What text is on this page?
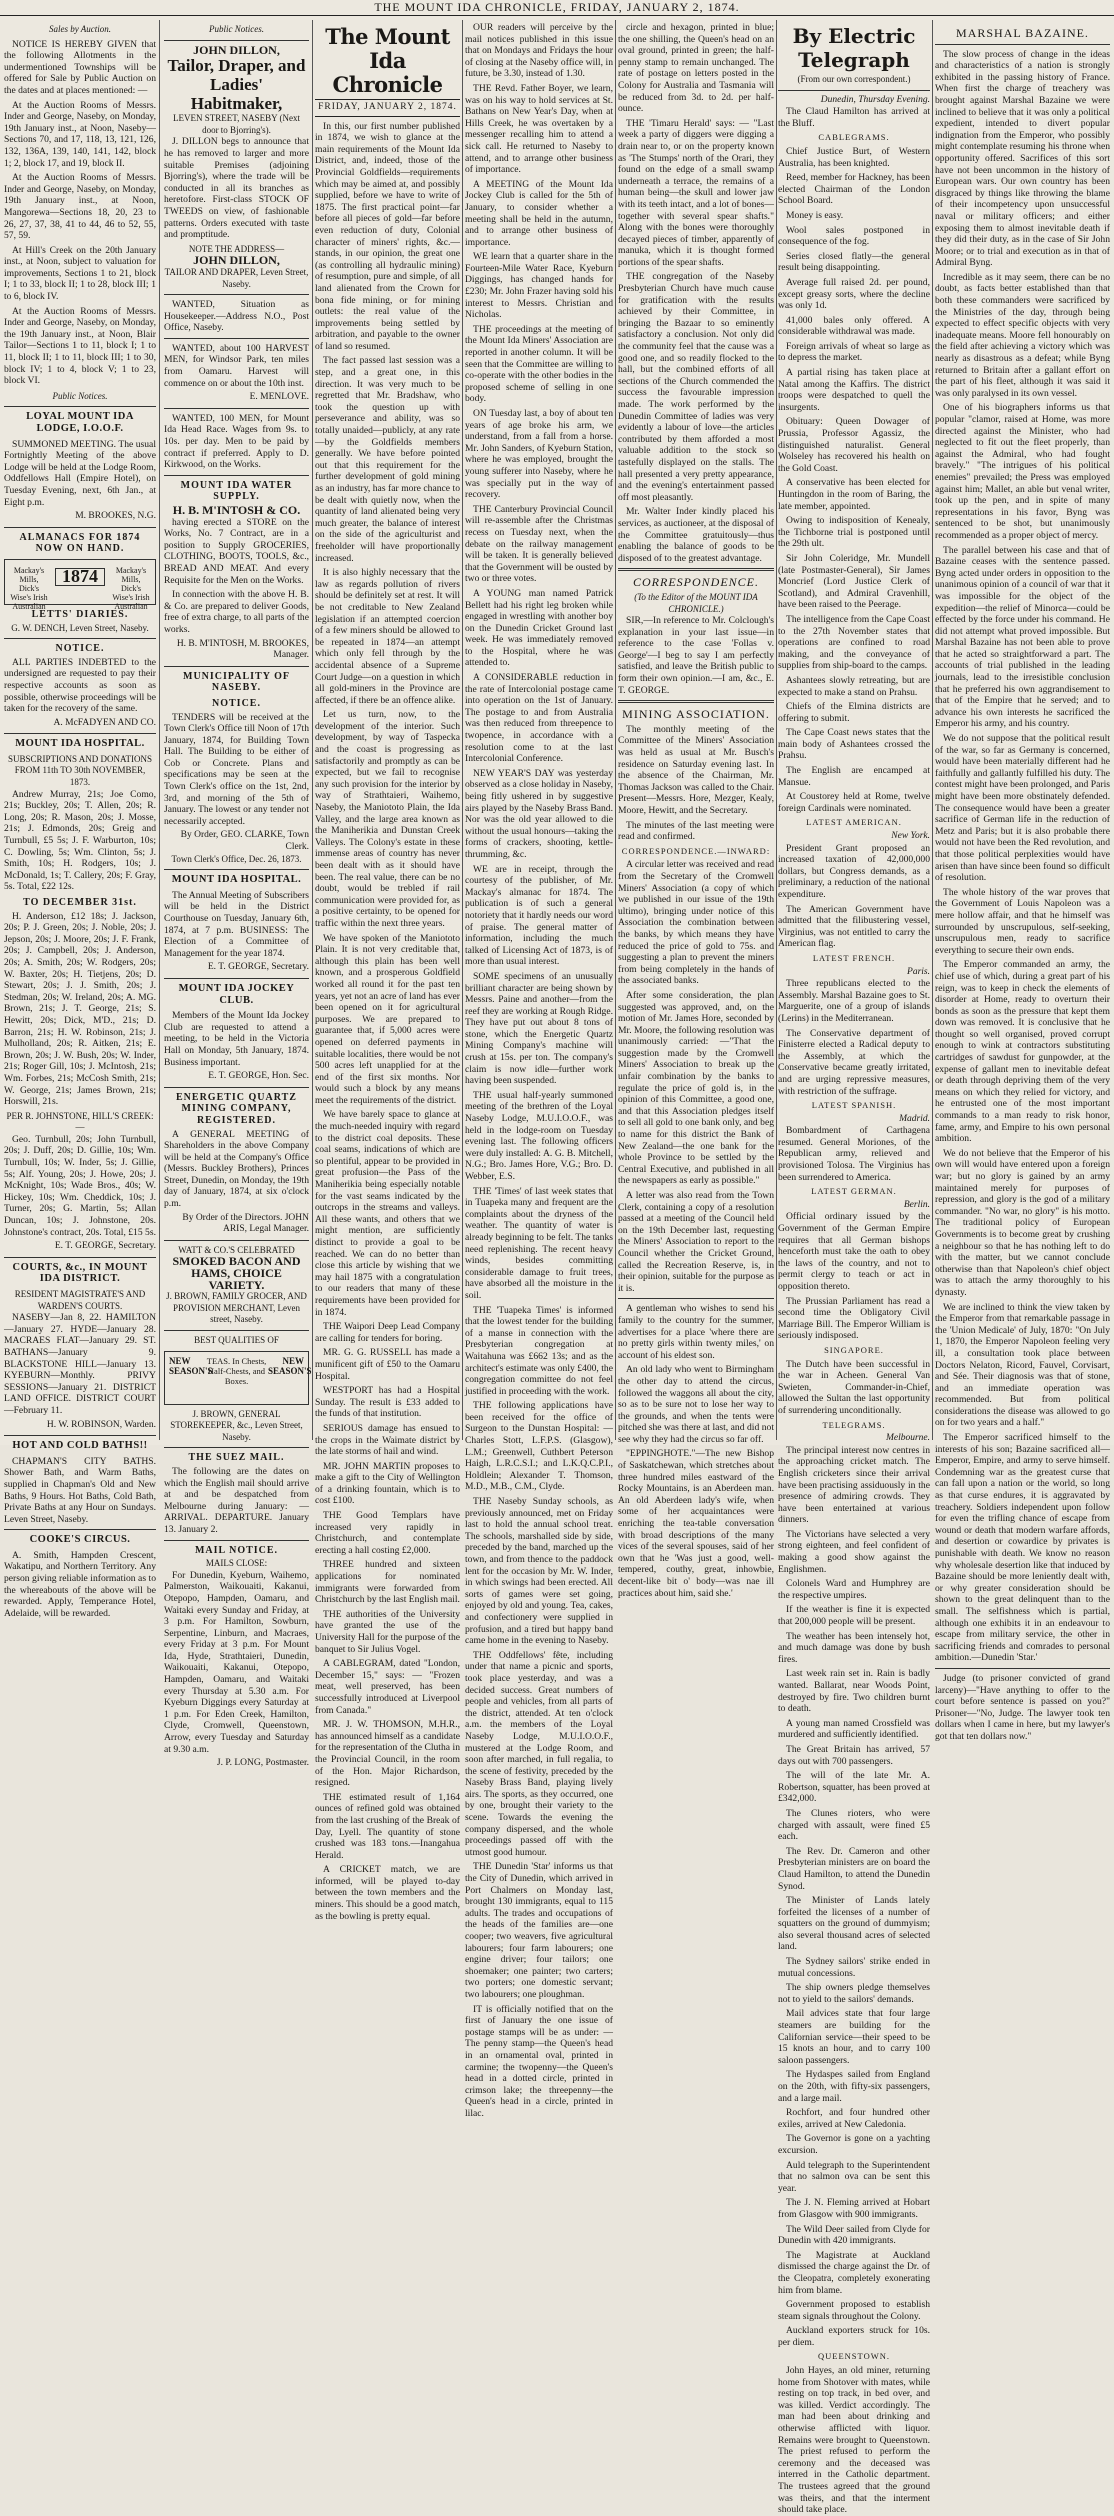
THE MOUNT IDA CHRONICLE, FRIDAY, JANUARY 2, 1874.
Sales by Auction.

NOTICE IS HEREBY GIVEN that the following Allotments in the undermentioned Townships will be offered for Sale by Public Auction on the dates and at places mentioned: —

At the Auction Rooms of Messrs. Inder and George, Naseby, on Monday, 19th January inst., at Noon, Naseby—Sections 70, and 17, 118, 13, 121, 126, 132, 136A, 139, 140, 141, 142, block 1; 2, block 17, and 19, block II.

At the Auction Rooms of Messrs. Inder and George, Naseby, on Monday, 19th January inst., at Noon, Mangorewa—Sections 18, 20, 23 to 26, 27, 37, 38, 41 to 44, 46 to 52, 55, 57, 59.

At Hill's Creek on the 20th January inst., at Noon, subject to valuation for improvements, Sections 1 to 21, block I; 1 to 33, block II; 1 to 28, block III; 1 to 6, block IV.

At the Auction Rooms of Messrs. Inder and George, Naseby, on Monday, the 19th January inst., at Noon, Blair Tailor—Sections 1 to 11, block I; 1 to 11, block II; 1 to 11, block III; 1 to 30, block IV; 1 to 4, block V; 1 to 23, block VI.

Public Notices.
LOYAL MOUNT IDA LODGE, I.O.O.F.

SUMMONED MEETING. The usual Fortnightly Meeting of the above Lodge will be held at the Lodge Room, Oddfellows Hall (Empire Hotel), on Tuesday Evening, next, 6th Jan., at Eight p.m.

M. BROOKES, N.G.
ALMANACS FOR 1874 NOW ON HAND.
Mackay's Mills, Dick's Wise's Irish Australian
1874	Mackay's Mills, Dick's Wise's Irish Australian
LETTS' DIARIES.
G. W. DENCH, Leven Street, Naseby.
NOTICE.

ALL PARTIES INDEBTED to the undersigned are requested to pay their respective accounts as soon as possible, otherwise proceedings will be taken for the recovery of the same.

A. McFADYEN AND CO.
MOUNT IDA HOSPITAL.
SUBSCRIPTIONS AND DONATIONS FROM 11th TO 30th NOVEMBER, 1873.

Andrew Murray, 21s; Joe Como, 21s; Buckley, 20s; T. Allen, 20s; R. Long, 20s; R. Mason, 20s; J. Mosse, 21s; J. Edmonds, 20s; Greig and Turnbull, £5 5s; J. F. Warburton, 10s; C. Dowling, 5s; Wm. Clinton, 5s; J. Smith, 10s; H. Rodgers, 10s; J. McDonald, 1s; T. Callery, 20s; F. Gray, 5s. Total, £22 12s.

TO DECEMBER 31st.

H. Anderson, £12 18s; J. Jackson, 20s; P. J. Green, 20s; J. Noble, 20s; J. Jepson, 20s; J. Moore, 20s; J. F. Frank, 20s; J. Campbell, 20s; J. Anderson, 20s; A. Smith, 20s; W. Rodgers, 20s; W. Baxter, 20s; H. Tietjens, 20s; D. Stewart, 20s; J. J. Smith, 20s; J. Stedman, 20s; W. Ireland, 20s; A. MG. Brown, 21s; J. T. George, 21s; S. Hewitt, 20s; Dick, M'D., 21s; D. Barron, 21s; H. W. Robinson, 21s; J. Mulholland, 20s; R. Aitken, 21s; E. Brown, 20s; J. W. Bush, 20s; W. Inder, 21s; Roger Gill, 10s; J. McIntosh, 21s; Wm. Forbes, 21s; McCosh Smith, 21s; W. George, 21s; James Brown, 21s; Horswill, 21s.

PER R. JOHNSTONE, HILL'S CREEK: —

Geo. Turnbull, 20s; John Turnbull, 20s; J. Duff, 20s; D. Gillie, 10s; Wm. Turnbull, 10s; W. Inder, 5s; J. Gillie, 5s; Alf. Young, 20s; J. Howe, 20s; J. McKnight, 10s; Wade Bros., 40s; W. Hickey, 10s; Wm. Cheddick, 10s; J. Turner, 20s; G. Martin, 5s; Allan Duncan, 10s; J. Johnstone, 20s. Johnstone's contract, 20s. Total, £15 5s.

E. T. GEORGE, Secretary.
COURTS, &c., IN MOUNT IDA DISTRICT.
RESIDENT MAGISTRATE'S AND WARDEN'S COURTS.

NASEBY—Jan 8, 22. HAMILTON—January 27. HYDE—January 28. MACRAES FLAT—January 29. ST. BATHANS—January 9. BLACKSTONE HILL—January 13. KYEBURN—Monthly. PRIVY SESSIONS—January 21. DISTRICT LAND OFFICE. DISTRICT COURT—February 11.

H. W. ROBINSON, Warden.
HOT AND COLD BATHS!!

CHAPMAN'S CITY BATHS. Shower Bath, and Warm Baths, supplied in Chapman's Old and New Baths, 9 Hours. Hot Baths, Cold Bath, Private Baths at any Hour on Sundays. Leven Street, Naseby.

COOKE'S CIRCUS.

A. Smith, Hampden Crescent, Wakatipu, and Northern Territory. Any person giving reliable information as to the whereabouts of the above will be rewarded. Apply, Temperance Hotel, Adelaide, will be rewarded.

Public Notices.
JOHN DILLON,
Tailor, Draper, and Ladies' Habitmaker,
LEVEN STREET, NASEBY (Next door to Bjorring's).

J. DILLON begs to announce that he has removed to larger and more suitable Premises (adjoining Bjorring's), where the trade will be conducted in all its branches as heretofore. First-class STOCK OF TWEEDS on view, of fashionable patterns. Orders executed with taste and promptitude.

NOTE THE ADDRESS—
JOHN DILLON,
TAILOR AND DRAPER, Leven Street, Naseby.

WANTED, Situation as Housekeeper.—Address N.O., Post Office, Naseby.

WANTED, about 100 HARVEST MEN, for Windsor Park, ten miles from Oamaru. Harvest will commence on or about the 10th inst.

E. MENLOVE.

WANTED, 100 MEN, for Mount Ida Head Race. Wages from 9s. to 10s. per day. Men to be paid by contract if preferred. Apply to D. Kirkwood, on the Works.

MOUNT IDA WATER SUPPLY.
H. B. M'INTOSH & CO.

having erected a STORE on the Works, No. 7 Contract, are in a position to Supply GROCERIES, CLOTHING, BOOTS, TOOLS, &c., BREAD AND MEAT. And every Requisite for the Men on the Works.

In connection with the above H. B. & Co. are prepared to deliver Goods, free of extra charge, to all parts of the works.

H. B. M'INTOSH, M. BROOKES, Manager.
MUNICIPALITY OF NASEBY.
NOTICE.

TENDERS will be received at the Town Clerk's Office till Noon of 17th January, 1874, for Building Town Hall. The Building to be either of Cob or Concrete. Plans and specifications may be seen at the Town Clerk's office on the 1st, 2nd, 3rd, and morning of the 5th of January. The lowest or any tender not necessarily accepted.

By Order, GEO. CLARKE, Town Clerk.
Town Clerk's Office, Dec. 26, 1873.
MOUNT IDA HOSPITAL.

The Annual Meeting of Subscribers will be held in the District Courthouse on Tuesday, January 6th, 1874, at 7 p.m. BUSINESS: The Election of a Committee of Management for the year 1874.

E. T. GEORGE, Secretary.
MOUNT IDA JOCKEY CLUB.

Members of the Mount Ida Jockey Club are requested to attend a meeting, to be held in the Victoria Hall on Monday, 5th January, 1874. Business important.

E. T. GEORGE, Hon. Sec.
ENERGETIC QUARTZ MINING COMPANY, REGISTERED.

A GENERAL MEETING of Shareholders in the above Company will be held at the Company's Office (Messrs. Buckley Brothers), Princes Street, Dunedin, on Monday, the 19th day of January, 1874, at six o'clock p.m.

By Order of the Directors. JOHN ARIS, Legal Manager.
WATT & CO.'S CELEBRATED
SMOKED BACON AND HAMS, CHOICE VARIETY.
J. BROWN, FAMILY GROCER, AND PROVISION MERCHANT, Leven street, Naseby.
BEST QUALITIES OF
NEW SEASON'S
TEAS. In Chests, Half-Chests, and Boxes.
NEW SEASON'S
J. BROWN, GENERAL STOREKEEPER, &c., Leven Street, Naseby.
THE SUEZ MAIL.

The following are the dates on which the English mail should arrive at and be despatched from Melbourne during January: — ARRIVAL. DEPARTURE. January 13. January 2.

MAIL NOTICE.
MAILS CLOSE:

For Dunedin, Kyeburn, Waihemo, Palmerston, Waikouaiti, Kakanui, Otepopo, Hampden, Oamaru, and Waitaki every Sunday and Friday, at 3 p.m. For Hamilton, Sowburn, Serpentine, Linburn, and Macraes, every Friday at 3 p.m. For Mount Ida, Hyde, Strathtaieri, Dunedin, Waikouaiti, Kakanui, Otepopo, Hampden, Oamaru, and Waitaki every Thursday at 5.30 a.m. For Kyeburn Diggings every Saturday at 1 p.m. For Eden Creek, Hamilton, Clyde, Cromwell, Queenstown, Arrow, every Tuesday and Saturday at 9.30 a.m.

J. P. LONG, Postmaster.
The Mount Ida Chronicle
FRIDAY, JANUARY 2, 1874.

In this, our first number published in 1874, we wish to glance at the main requirements of the Mount Ida District, and, indeed, those of the Provincial Goldfields—requirements which may be aimed at, and possibly supplied, before we have to write of 1875. The first practical point—far before all pieces of gold—far before even reduction of duty, Colonial character of miners' rights, &c.—stands, in our opinion, the great one (as controlling all hydraulic mining) of resumption, pure and simple, of all land alienated from the Crown for bona fide mining, or for mining outlets: the real value of the improvements being settled by arbitration, and payable to the owner of land so resumed.

The fact passed last session was a step, and a great one, in this direction. It was very much to be regretted that Mr. Bradshaw, who took the question up with perseverance and ability, was so totally unaided—publicly, at any rate—by the Goldfields members generally. We have before pointed out that this requirement for the further development of gold mining as an industry, has far more chance to be dealt with quietly now, when the quantity of land alienated being very much greater, the balance of interest on the side of the agriculturist and freeholder will have proportionally increased.

It is also highly necessary that the law as regards pollution of rivers should be definitely set at rest. It will be not creditable to New Zealand legislation if an attempted coercion of a few miners should be allowed to be repeated in 1874—an attempt which only fell through by the accidental absence of a Supreme Court Judge—on a question in which all gold-miners in the Province are affected, if there be an offence alike.

Let us turn, now, to the development of the interior. Such development, by way of Taspecka and the coast is progressing as satisfactorily and promptly as can be expected, but we fail to recognise any such provision for the interior by way of Strathtaieri, Waihemo, Naseby, the Maniototo Plain, the Ida Valley, and the large area known as the Maniherikia and Dunstan Creek Valleys. The Colony's estate in these immense areas of country has never been dealt with as it should have been. The real value, there can be no doubt, would be trebled if rail communication were provided for, as a positive certainty, to be opened for traffic within the next three years.

We have spoken of the Maniototo Plain. It is not very creditable that, although this plain has been well known, and a prosperous Goldfield worked all round it for the past ten years, yet not an acre of land has ever been opened on it for agricultural purposes. We are prepared to guarantee that, if 5,000 acres were opened on deferred payments in suitable localities, there would be not 500 acres left unapplied for at the end of the first six months. Nor would such a block by any means meet the requirements of the district.

We have barely space to glance at the much-needed inquiry with regard to the district coal deposits. These coal seams, indications of which are so plentiful, appear to be provided in great profusion—the Pass of the Maniherikia being especially notable for the vast seams indicated by the outcrops in the streams and valleys. All these wants, and others that we might mention, are sufficiently distinct to provide a goal to be reached. We can do no better than close this article by wishing that we may hail 1875 with a congratulation to our readers that many of these requirements have been provided for in 1874.

THE Waipori Deep Lead Company are calling for tenders for boring.

MR. G. G. RUSSELL has made a munificent gift of £50 to the Oamaru Hospital.

WESTPORT has had a Hospital Sunday. The result is £33 added to the funds of that institution.

SERIOUS damage has ensued to the crops in the Waimate district by the late storms of hail and wind.

MR. JOHN MARTIN proposes to make a gift to the City of Wellington of a drinking fountain, which is to cost £100.

THE Good Templars have increased very rapidly in Christchurch, and contemplate erecting a hall costing £2,000.

THREE hundred and sixteen applications for nominated immigrants were forwarded from Christchurch by the last English mail.

THE authorities of the University have granted the use of the University Hall for the purpose of the banquet to Sir Julius Vogel.

A CABLEGRAM, dated "London, December 15," says: — "Frozen meat, well preserved, has been successfully introduced at Liverpool from Canada."

MR. J. W. THOMSON, M.H.R., has announced himself as a candidate for the representation of the Clutha in the Provincial Council, in the room of the Hon. Major Richardson, resigned.

THE estimated result of 1,164 ounces of refined gold was obtained from the last crushing of the Break of Day, Lyell. The quantity of stone crushed was 183 tons.—Inangahua Herald.

A CRICKET match, we are informed, will be played to-day between the town members and the miners. This should be a good match, as the bowling is pretty equal.

OUR readers will perceive by the mail notices published in this issue that on Mondays and Fridays the hour of closing at the Naseby office will, in future, be 3.30, instead of 1.30.

THE Revd. Father Boyer, we learn, was on his way to hold services at St. Bathans on New Year's Day, when at Hills Creek, he was overtaken by a messenger recalling him to attend a sick call. He returned to Naseby to attend, and to arrange other business of importance.

A MEETING of the Mount Ida Jockey Club is called for the 5th of January, to consider whether a meeting shall be held in the autumn, and to arrange other business of importance.

WE learn that a quarter share in the Fourteen-Mile Water Race, Kyeburn Diggings, has changed hands for £230; Mr. John Frazer having sold his interest to Messrs. Christian and Nicholas.

THE proceedings at the meeting of the Mount Ida Miners' Association are reported in another column. It will be seen that the Committee are willing to co-operate with the other bodies in the proposed scheme of selling in one body.

ON Tuesday last, a boy of about ten years of age broke his arm, we understand, from a fall from a horse. Mr. John Sanders, of Kyeburn Station, where he was employed, brought the young sufferer into Naseby, where he was specially put in the way of recovery.

THE Canterbury Provincial Council will re-assemble after the Christmas recess on Tuesday next, when the debate on the railway management will be taken. It is generally believed that the Government will be ousted by two or three votes.

A YOUNG man named Patrick Bellett had his right leg broken while engaged in wrestling with another boy on the Dunedin Cricket Ground last week. He was immediately removed to the Hospital, where he was attended to.

A CONSIDERABLE reduction in the rate of Intercolonial postage came into operation on the 1st of January. The postage to and from Australia was then reduced from threepence to twopence, in accordance with a resolution come to at the last Intercolonial Conference.

NEW YEAR'S DAY was yesterday observed as a close holiday in Naseby, being fitly ushered in by suggestive airs played by the Naseby Brass Band. Nor was the old year allowed to die without the usual honours—taking the forms of crackers, shooting, kettle-thrumming, &c.

WE are in receipt, through the courtesy of the publisher, of Mr. Mackay's almanac for 1874. The publication is of such a general notoriety that it hardly needs our word of praise. The general matter of information, including the much talked of Licensing Act of 1873, is of more than usual interest.

SOME specimens of an unusually brilliant character are being shown by Messrs. Paine and another—from the reef they are working at Rough Ridge. They have put out about 8 tons of stone, which the Energetic Quartz Mining Company's machine will crush at 15s. per ton. The company's claim is now idle—further work having been suspended.

THE usual half-yearly summoned meeting of the brethren of the Loyal Naseby Lodge, M.U.I.O.O.F., was held in the lodge-room on Tuesday evening last. The following officers were duly installed: A. G. B. Mitchell, N.G.; Bro. James Hore, V.G.; Bro. D. Webber, E.S.

THE 'Times' of last week states that in Tuapeka many and frequent are the complaints about the dryness of the weather. The quantity of water is already beginning to be felt. The tanks need replenishing. The recent heavy winds, besides committing considerable damage to fruit trees, have absorbed all the moisture in the soil.

THE 'Tuapeka Times' is informed that the lowest tender for the building of a manse in connection with the Presbyterian congregation at Waitahuna was £662 13s; and as the architect's estimate was only £400, the congregation committee do not feel justified in proceeding with the work.

THE following applications have been received for the office of Surgeon to the Dunstan Hospital: —Charles Stott, L.F.P.S. (Glasgow), L.M.; Greenwell, Cuthbert Peterson Haigh, L.R.C.S.I.; and L.K.Q.C.P.I., Holdlein; Alexander T. Thomson, M.D., M.B., C.M., Clyde.

THE Naseby Sunday schools, as previously announced, met on Friday last to hold the annual school treat. The schools, marshalled side by side, preceded by the band, marched up the town, and from thence to the paddock lent for the occasion by Mr. W. Inder, in which swings had been erected. All sorts of games were set going, enjoyed by old and young. Tea, cakes, and confectionery were supplied in profusion, and a tired but happy band came home in the evening to Naseby.

THE Oddfellows' fête, including under that name a picnic and sports, took place yesterday, and was a decided success. Great numbers of people and vehicles, from all parts of the district, attended. At ten o'clock a.m. the members of the Loyal Naseby Lodge, M.U.I.O.O.F., mustered at the Lodge Room, and soon after marched, in full regalia, to the scene of festivity, preceded by the Naseby Brass Band, playing lively airs. The sports, as they occurred, one by one, brought their variety to the scene. Towards the evening the company dispersed, and the whole proceedings passed off with the utmost good humour.

THE Dunedin 'Star' informs us that the City of Dunedin, which arrived in Port Chalmers on Monday last, brought 130 immigrants, equal to 115 adults. The trades and occupations of the heads of the families are—one cooper; two weavers, five agricultural labourers; four farm labourers; one engine driver; four tailors; one shoemaker; one painter; two carters; two porters; one domestic servant; two labourers; one ploughman.

IT is officially notified that on the first of January the one issue of postage stamps will be as under: —The penny stamp—the Queen's head in an ornamental oval, printed in carmine; the twopenny—the Queen's head in a dotted circle, printed in crimson lake; the threepenny—the Queen's head in a circle, printed in lilac.

circle and hexagon, printed in blue; the one shilling, the Queen's head on an oval ground, printed in green; the half-penny stamp to remain unchanged. The rate of postage on letters posted in the Colony for Australia and Tasmania will be reduced from 3d. to 2d. per half-ounce.

THE 'Timaru Herald' says: — "Last week a party of diggers were digging a drain near to, or on the property known as 'The Stumps' north of the Orari, they found on the edge of a small swamp underneath a terrace, the remains of a human being—the skull and lower jaw with its teeth intact, and a lot of bones—together with several spear shafts." Along with the bones were thoroughly decayed pieces of timber, apparently of manuka, which it is thought formed portions of the spear shafts.

THE congregation of the Naseby Presbyterian Church have much cause for gratification with the results achieved by their Committee, in bringing the Bazaar to so eminently satisfactory a conclusion. Not only did the community feel that the cause was a good one, and so readily flocked to the hall, but the combined efforts of all sections of the Church commended the success the favourable impression made. The work performed by the Dunedin Committee of ladies was very evidently a labour of love—the articles contributed by them afforded a most valuable addition to the stock so tastefully displayed on the stalls. The hall presented a very pretty appearance, and the evening's entertainment passed off most pleasantly.

Mr. Walter Inder kindly placed his services, as auctioneer, at the disposal of the Committee gratuitously—thus enabling the balance of goods to be disposed of to the greatest advantage.

CORRESPONDENCE.
(To the Editor of the MOUNT IDA CHRONICLE.)

SIR,—In reference to Mr. Colclough's explanation in your last issue—in reference to the case 'Follas v. George'—I beg to say I am perfectly satisfied, and leave the British public to form their own opinion.—I am, &c., E. T. GEORGE.

MINING ASSOCIATION.

The monthly meeting of the Committee of the Miners' Association was held as usual at Mr. Busch's residence on Saturday evening last. In the absence of the Chairman, Mr. Thomas Jackson was called to the Chair. Present—Messrs. Hore, Mezger, Kealy, Moore, Hewitt, and the Secretary.

The minutes of the last meeting were read and confirmed.

CORRESPONDENCE.—INWARD:

A circular letter was received and read from the Secretary of the Cromwell Miners' Association (a copy of which we published in our issue of the 19th ultimo), bringing under notice of this Association the combination between the banks, by which means they have reduced the price of gold to 75s. and suggesting a plan to prevent the miners from being completely in the hands of the associated banks.

After some consideration, the plan suggested was approved, and, on the motion of Mr. James Hore, seconded by Mr. Moore, the following resolution was unanimously carried: —"That the suggestion made by the Cromwell Miners' Association to break up the unfair combination by the banks to regulate the price of gold is, in the opinion of this Committee, a good one, and that this Association pledges itself to sell all gold to one bank only, and beg to name for this district the Bank of New Zealand—the one bank for the whole Province to be settled by the Central Executive, and published in all the newspapers as early as possible."

A letter was also read from the Town Clerk, containing a copy of a resolution passed at a meeting of the Council held on the 19th December last, requesting the Miners' Association to report to the Council whether the Cricket Ground, called the Recreation Reserve, is, in their opinion, suitable for the purpose as it is.

A gentleman who wishes to send his family to the country for the summer, advertises for a place 'where there are no pretty girls within twenty miles,' on account of his eldest son.

An old lady who went to Birmingham the other day to attend the circus, followed the waggons all about the city, so as to be sure not to lose her way to the grounds, and when the tents were pitched she was there at last, and did not see why they had the circus so far off.

"EPPINGHOTE."—The new Bishop of Saskatchewan, which stretches about three hundred miles eastward of the Rocky Mountains, is an Aberdeen man. An old Aberdeen lady's wife, when some of her acquaintances were enriching the tea-table conversation with broad descriptions of the many vices of the several spouses, said of her own that he 'Was just a good, well-tempered, couthy, great, inhowbie, decent-like bit o' body—was nae ill practices about him, said she.'

By Electric Telegraph
(From our own correspondent.)
Dunedin, Thursday Evening.

The Claud Hamilton has arrived at the Bluff.

CABLEGRAMS.

Chief Justice Burt, of Western Australia, has been knighted.

Reed, member for Hackney, has been elected Chairman of the London School Board.

Money is easy.

Wool sales postponed in consequence of the fog.

Series closed flatly—the general result being disappointing.

Average full raised 2d. per pound, except greasy sorts, where the decline was only 1d.

41,000 bales only offered. A considerable withdrawal was made.

Foreign arrivals of wheat so large as to depress the market.

A partial rising has taken place at Natal among the Kaffirs. The district troops were despatched to quell the insurgents.

Obituary: Queen Dowager of Prussia, Professor Agassiz, the distinguished naturalist. General Wolseley has recovered his health on the Gold Coast.

A conservative has been elected for Huntingdon in the room of Baring, the late member, appointed.

Owing to indisposition of Kenealy, the Tichborne trial is postponed until the 29th ult.

Sir John Coleridge, Mr. Mundell (late Postmaster-General), Sir James Moncrief (Lord Justice Clerk of Scotland), and Admiral Cravenhill, have been raised to the Peerage.

The intelligence from the Cape Coast to the 27th November states that operations are confined to road making, and the conveyance of supplies from ship-board to the camps.

Ashantees slowly retreating, but are expected to make a stand on Prahsu.

Chiefs of the Elmina districts are offering to submit.

The Cape Coast news states that the main body of Ashantees crossed the Prahsu.

The English are encamped at Mansue.

At Coustorey held at Rome, twelve foreign Cardinals were nominated.

LATEST AMERICAN.
New York.

President Grant proposed an increased taxation of 42,000,000 dollars, but Congress demands, as a preliminary, a reduction of the national expenditure.

The American Government have admitted that the filibustering vessel, Virginius, was not entitled to carry the American flag.

LATEST FRENCH.
Paris.

Three republicans elected to the Assembly. Marshal Bazaine goes to St. Marguerite, one of a group of islands (Lerins) in the Mediterranean.

The Conservative department of Finisterre elected a Radical deputy to the Assembly, at which the Conservative became greatly irritated, and are urging repressive measures, with restriction of the suffrage.

LATEST SPANISH.
Madrid.

Bombardment of Carthagena resumed. General Moriones, of the Republican army, relieved and provisioned Tolosa. The Virginius has been surrendered to America.

LATEST GERMAN.
Berlin.

Official ordinary issued by the Government of the German Empire requires that all German bishops henceforth must take the oath to obey the laws of the country, and not to permit clergy to teach or act in opposition thereto.

The Prussian Parliament has read a second time the Obligatory Civil Marriage Bill. The Emperor William is seriously indisposed.

SINGAPORE.

The Dutch have been successful in the war in Acheen. General Van Swieten, Commander-in-Chief, allowed the Sultan the last opportunity of surrendering unconditionally.

TELEGRAMS.
Melbourne.

The principal interest now centres in the approaching cricket match. The English cricketers since their arrival have been practising assiduously in the presence of admiring crowds. They have been entertained at various dinners.

The Victorians have selected a very strong eighteen, and feel confident of making a good show against the Englishmen.

Colonels Ward and Humphrey are the respective umpires.

If the weather is fine it is expected that 200,000 people will be present.

The weather has been intensely hot, and much damage was done by bush fires.

Last week rain set in. Rain is badly wanted. Ballarat, near Woods Point, destroyed by fire. Two children burnt to death.

A young man named Crossfield was murdered and sufficiently identified.

The Great Britain has arrived, 57 days out with 700 passengers.

The will of the late Mr. A. Robertson, squatter, has been proved at £342,000.

The Clunes rioters, who were charged with assault, were fined £5 each.

The Rev. Dr. Cameron and other Presbyterian ministers are on board the Claud Hamilton, to attend the Dunedin Synod.

The Minister of Lands lately forfeited the licenses of a number of squatters on the ground of dummyism; also several thousand acres of selected land.

The Sydney sailors' strike ended in mutual concessions.

The ship owners pledge themselves not to yield to the sailors' demands.

Mail advices state that four large steamers are building for the Californian service—their speed to be 15 knots an hour, and to carry 100 saloon passengers.

The Hydaspes sailed from England on the 20th, with fifty-six passengers, and a large mail.

Rochfort, and four hundred other exiles, arrived at New Caledonia.

The Governor is gone on a yachting excursion.

Auld telegraph to the Superintendent that no salmon ova can be sent this year.

The J. N. Fleming arrived at Hobart from Glasgow with 900 immigrants.

The Wild Deer sailed from Clyde for Dunedin with 420 immigrants.

The Magistrate at Auckland dismissed the charge against the Dr. of the Cleopatra, completely exonerating him from blame.

Government proposed to establish steam signals throughout the Colony.

Auckland exporters struck for 10s. per diem.

QUEENSTOWN.

John Hayes, an old miner, returning home from Shotover with mates, while resting on top track, in bed over, and was killed. Verdict accordingly. The man had been about drinking and otherwise afflicted with liquor. Remains were brought to Queenstown. The priest refused to perform the ceremony and the deceased was interred in the Catholic department. The trustees agreed that the ground was theirs, and that the interment should take place.

MARSHAL BAZAINE.

The slow process of change in the ideas and characteristics of a nation is strongly exhibited in the passing history of France. When first the charge of treachery was brought against Marshal Bazaine we were inclined to believe that it was only a political expedient, intended to divert popular indignation from the Emperor, who possibly might contemplate resuming his throne when opportunity offered. Sacrifices of this sort have not been uncommon in the history of European wars. Our own country has been disgraced by things like throwing the blame of their incompetency upon unsuccessful naval or military officers; and either exposing them to almost inevitable death if they did their duty, as in the case of Sir John Moore; or to trial and execution as in that of Admiral Byng.

Incredible as it may seem, there can be no doubt, as facts better established than that both these commanders were sacrificed by the Ministries of the day, through being expected to effect specific objects with very inadequate means. Moore fell honourably on the field after achieving a victory which was nearly as disastrous as a defeat; while Byng returned to Britain after a gallant effort on the part of his fleet, although it was said it was only paralysed in its own vessel.

One of his biographers informs us that popular "clamor, raised at Home, was more directed against the Minister, who had neglected to fit out the fleet properly, than against the Admiral, who had fought bravely." "The intrigues of his political enemies" prevailed; the Press was employed against him; Mallet, an able but venal writer, took up the pen, and in spite of many representations in his favor, Byng was sentenced to be shot, but unanimously recommended as a proper object of mercy.

The parallel between his case and that of Bazaine ceases with the sentence passed. Byng acted under orders in opposition to the unanimous opinion of a council of war that it was impossible for the object of the expedition—the relief of Minorca—could be effected by the force under his command. He did not attempt what proved impossible. But Marshal Bazaine has not been able to prove that he acted so straightforward a part. The accounts of trial published in the leading journals, lead to the irresistible conclusion that he preferred his own aggrandisement to that of the Empire that he served; and to advance his own interests he sacrificed the Emperor his army, and his country.

We do not suppose that the political result of the war, so far as Germany is concerned, would have been materially different had he faithfully and gallantly fulfilled his duty. The contest might have been prolonged, and Paris might have been more obstinately defended. The consequence would have been a greater sacrifice of German life in the reduction of Metz and Paris; but it is also probable there would not have been the Red revolution, and that those political perplexities would have arisen than have since been found so difficult of resolution.

The whole history of the war proves that the Government of Louis Napoleon was a mere hollow affair, and that he himself was surrounded by unscrupulous, self-seeking, unscrupulous men, ready to sacrifice everything to secure their own ends.

The Emperor commanded an army, the chief use of which, during a great part of his reign, was to keep in check the elements of disorder at Home, ready to overturn their bonds as soon as the pressure that kept them down was removed. It is conclusive that he thought so well organised, proved corrupt enough to wink at contractors substituting cartridges of sawdust for gunpowder, at the expense of gallant men to inevitable defeat or death through depriving them of the very means on which they relied for victory, and he entrusted one of the most important commands to a man ready to risk honor, fame, army, and Empire to his own personal ambition.

We do not believe that the Emperor of his own will would have entered upon a foreign war; but no glory is gained by an army maintained merely for purposes of repression, and glory is the god of a military commander. "No war, no glory" is his motto. The traditional policy of European Governments is to become great by crushing a neighbour so that he has nothing left to do with the matter, but we cannot conclude otherwise than that Napoleon's chief object was to attach the army thoroughly to his dynasty.

We are inclined to think the view taken by the Emperor from that remarkable passage in the 'Union Medicale' of July, 1870: "On July 1, 1870, the Emperor Napoleon feeling very ill, a consultation took place between Doctors Nelaton, Ricord, Fauvel, Corvisart, and Sée. Their diagnosis was that of stone, and an immediate operation was recommended. But from political considerations the disease was allowed to go on for two years and a half."

The Emperor sacrificed himself to the interests of his son; Bazaine sacrificed all—Emperor, Empire, and army to serve himself. Condemning war as the greatest curse that can fall upon a nation or the world, so long as that curse endures, it is aggravated by treachery. Soldiers independent upon follow for even the trifling chance of escape from wound or death that modern warfare affords, and desertion or cowardice by privates is punishable with death. We know no reason why wholesale desertion like that induced by Bazaine should be more leniently dealt with, or why greater consideration should be shown to the great delinquent than to the small. The selfishness which is partial, although one exhibits it in an endeavour to escape from military service, the other in sacrificing friends and comrades to personal ambition.—Dunedin 'Star.'

Judge (to prisoner convicted of grand larceny)—"Have anything to offer to the court before sentence is passed on you?" Prisoner—"No, Judge. The lawyer took ten dollars when I came in here, but my lawyer's got that ten dollars now."
